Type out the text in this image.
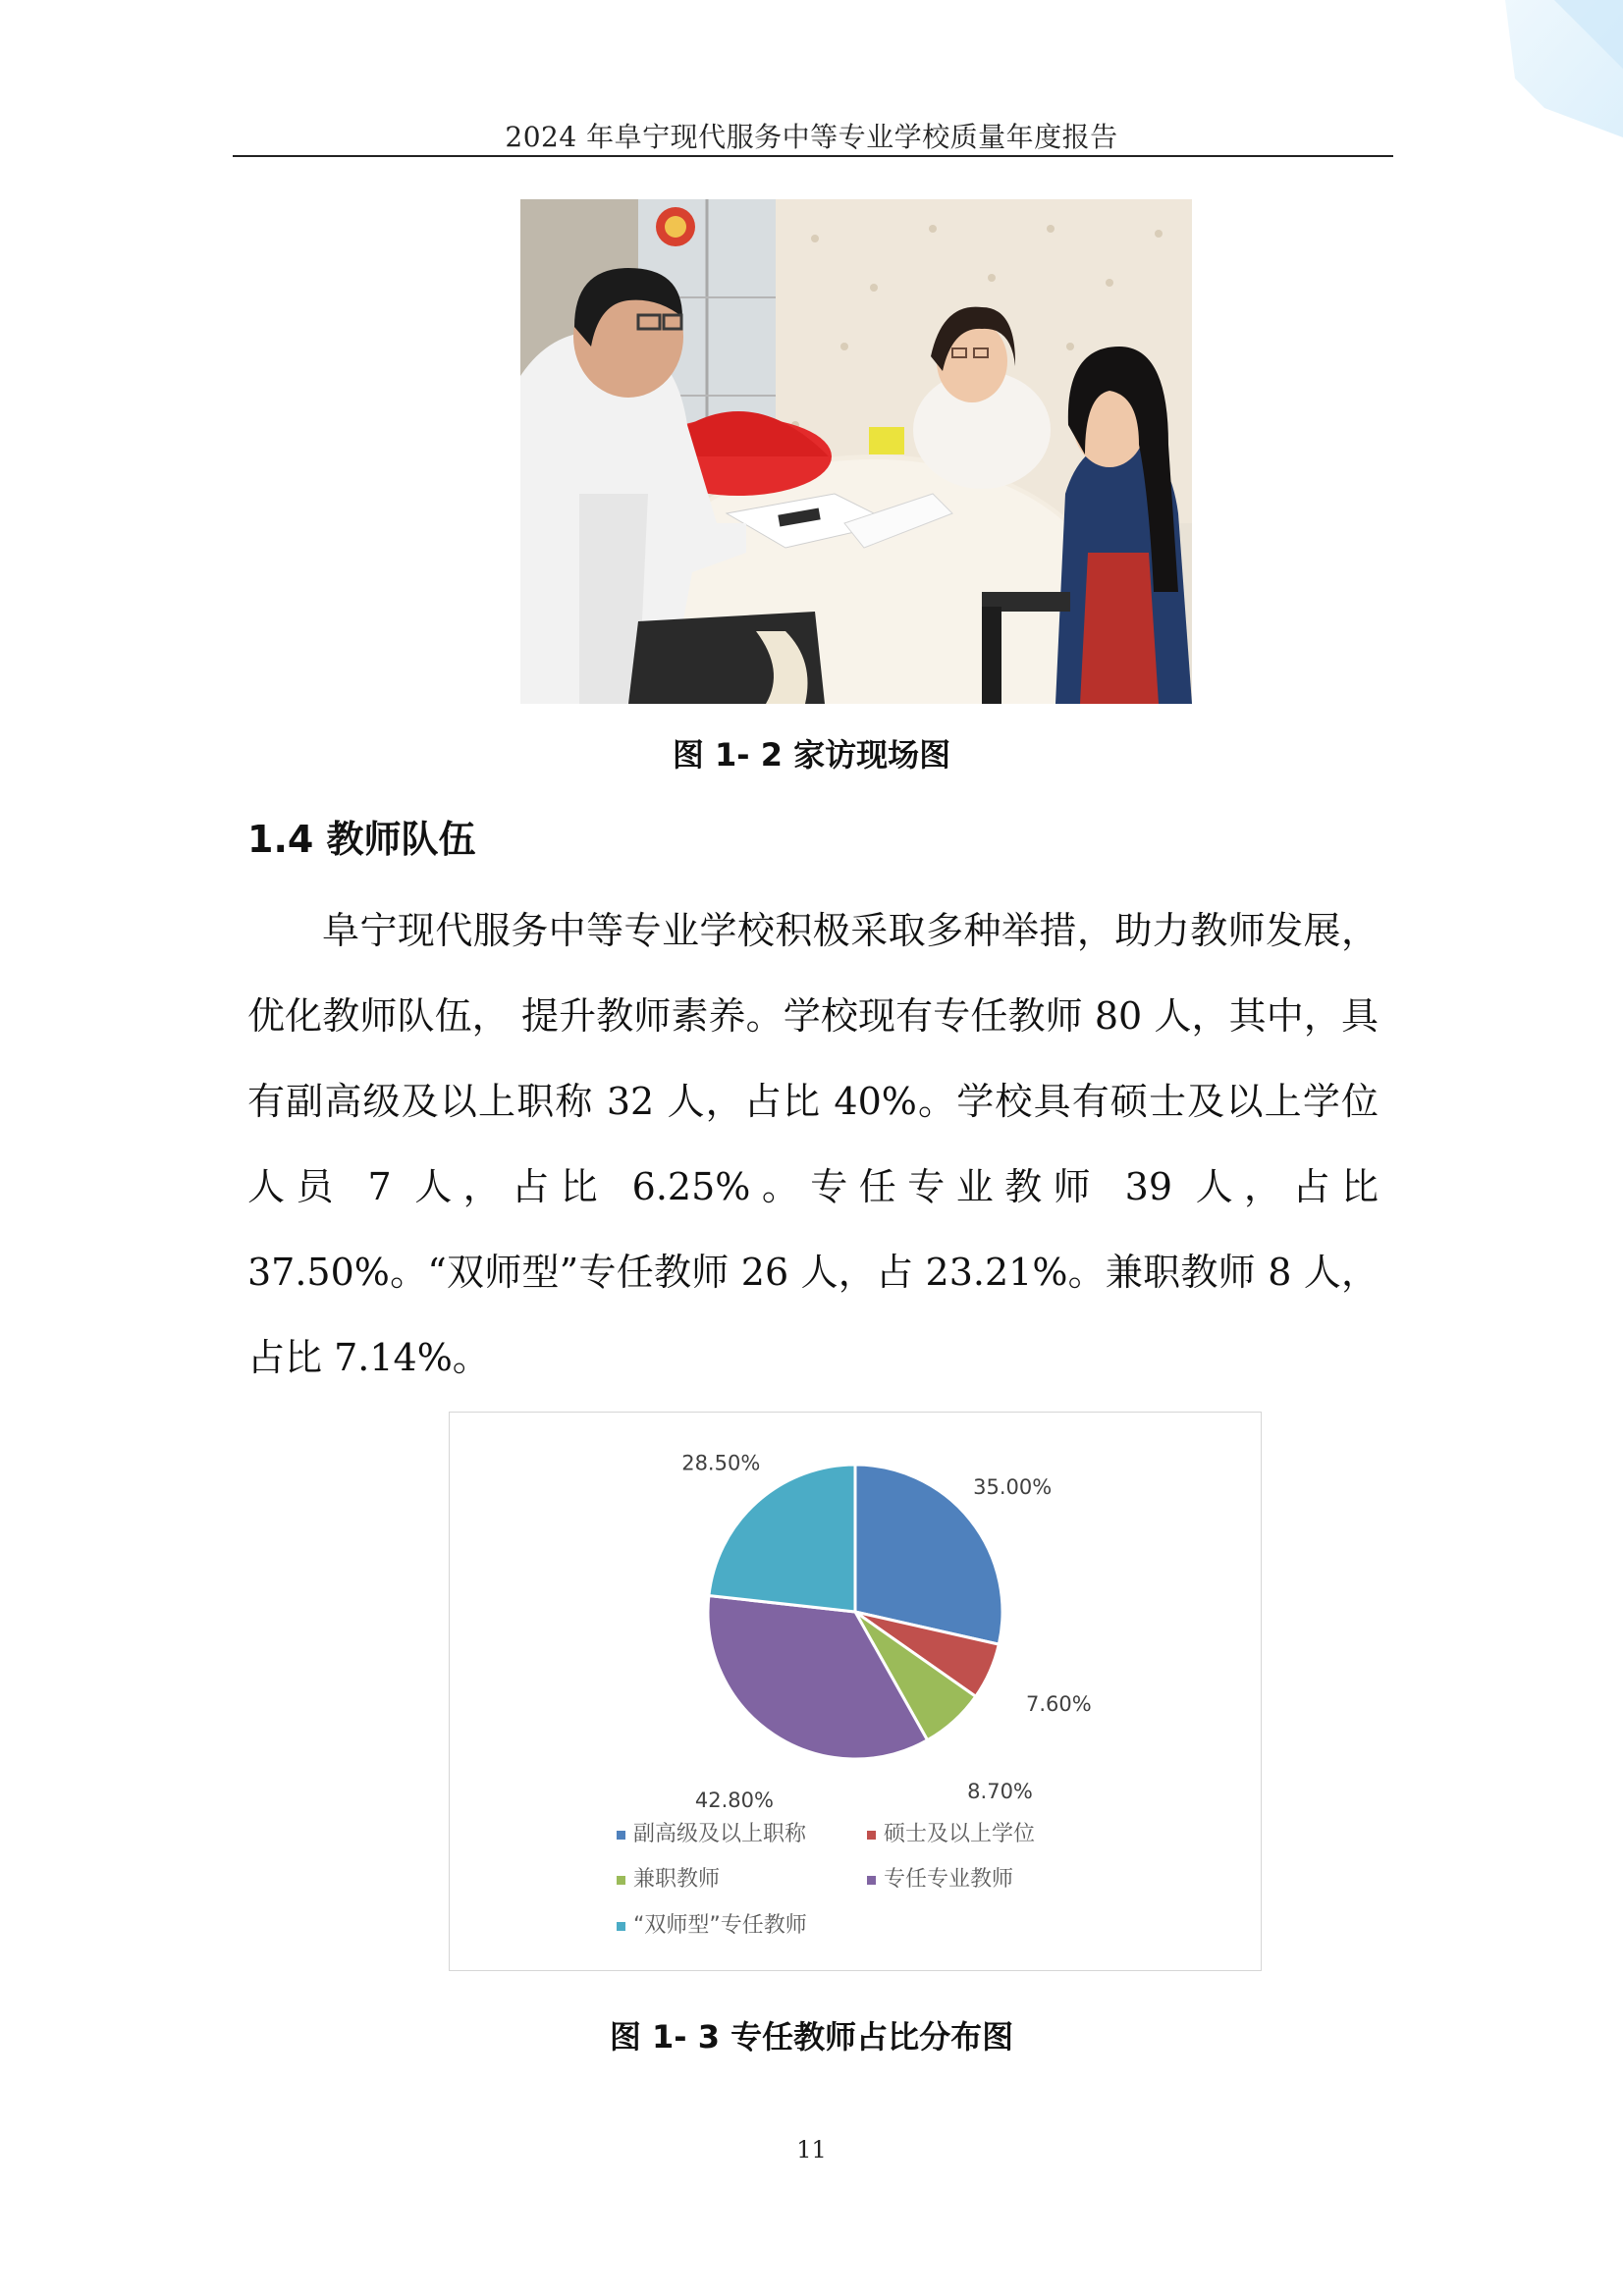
2024 年阜宁现代服务中等专业学校质量年度报告
图 1- 2 家访现场图
1.4 教师队伍
阜宁现代服务中等专业学校积极采取多种举措，助力教师发展，优化教师队伍， 提升教师素养。学校现有专任教师 80 人，其中，具有副高级及以上职称 32 人，占比 40%。学校具有硕士及以上学位人员 7 人，占比 6.25%。专任专业教师 39 人，占比 37.50%。“双师型”专任教师 26 人，占 23.21%。兼职教师 8 人，占比 7.14%。
35.00%
7.60%
8.70%
42.80%
28.50%
副高级及以上职称	硕士及以上学位
兼职教师	专任专业教师
“双师型”专任教师
图 1- 3 专任教师占比分布图
11
